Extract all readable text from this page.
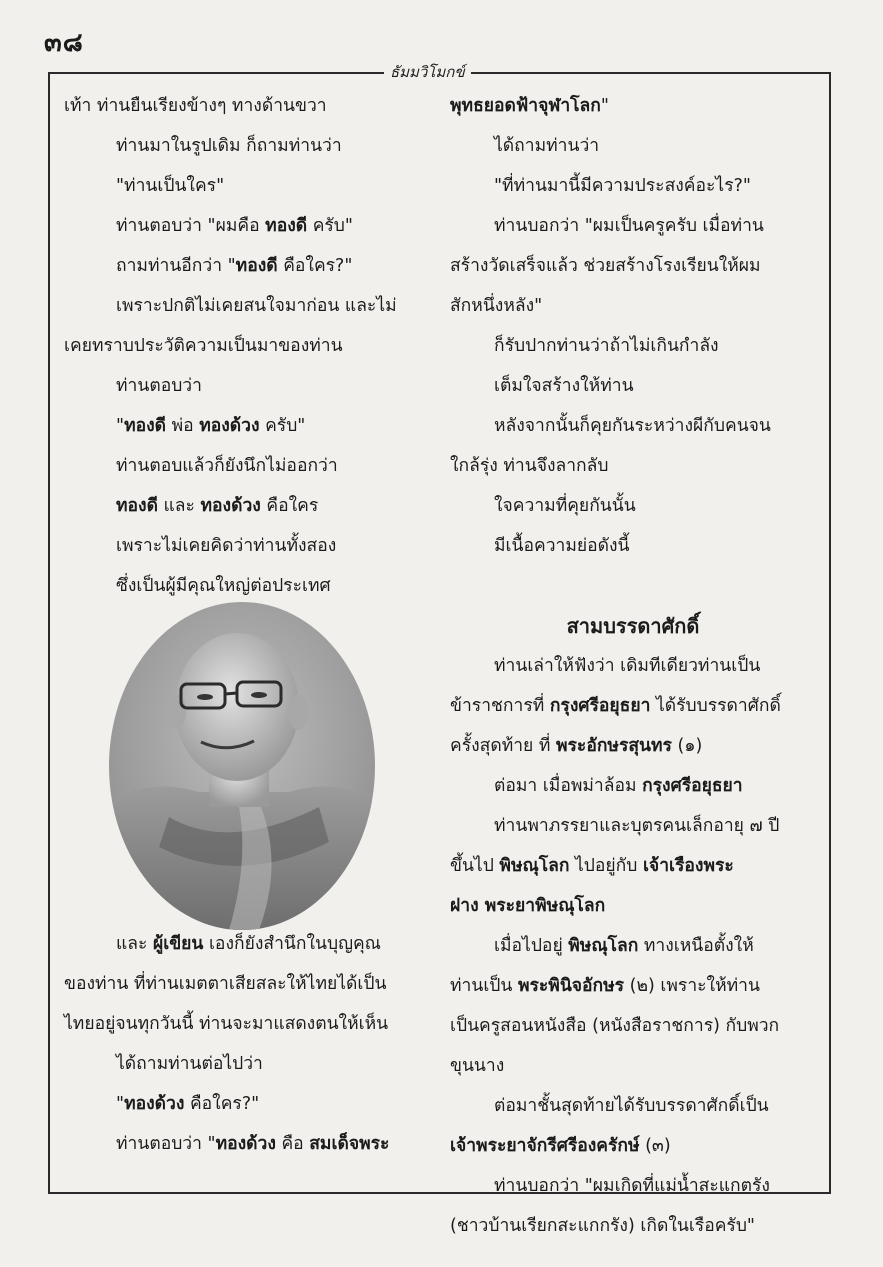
๓๘
ธัมมวิโมกข์
เท้า ท่านยืนเรียงข้างๆ ทางด้านขวา
ท่านมาในรูปเดิม ก็ถามท่านว่า
"ท่านเป็นใคร"
ท่านตอบว่า "ผมคือ ทองดี ครับ"
ถามท่านอีกว่า "ทองดี คือใคร?"
เพราะปกติไม่เคยสนใจมาก่อน และไม่
เคยทราบประวัติความเป็นมาของท่าน
ท่านตอบว่า
"ทองดี พ่อ ทองด้วง ครับ"
ท่านตอบแล้วก็ยังนึกไม่ออกว่า
ทองดี และ ทองด้วง คือใคร
เพราะไม่เคยคิดว่าท่านทั้งสอง
ซึ่งเป็นผู้มีคุณใหญ่ต่อประเทศ
และ ผู้เขียน เองก็ยังสำนึกในบุญคุณ
ของท่าน ที่ท่านเมตตาเสียสละให้ไทยได้เป็น
ไทยอยู่จนทุกวันนี้ ท่านจะมาแสดงตนให้เห็น
ได้ถามท่านต่อไปว่า
"ทองด้วง คือใคร?"
ท่านตอบว่า "ทองด้วง คือ สมเด็จพระ
พุทธยอดฟ้าจุฬาโลก"
ได้ถามท่านว่า
"ที่ท่านมานี้มีความประสงค์อะไร?"
ท่านบอกว่า "ผมเป็นครูครับ เมื่อท่าน
สร้างวัดเสร็จแล้ว ช่วยสร้างโรงเรียนให้ผม
สักหนึ่งหลัง"
ก็รับปากท่านว่าถ้าไม่เกินกำลัง
เต็มใจสร้างให้ท่าน
หลังจากนั้นก็คุยกันระหว่างผีกับคนจน
ใกล้รุ่ง ท่านจึงลากลับ
ใจความที่คุยกันนั้น
มีเนื้อความย่อดังนี้
สามบรรดาศักดิ์
ท่านเล่าให้ฟังว่า เดิมทีเดียวท่านเป็น
ข้าราชการที่ กรุงศรีอยุธยา ได้รับบรรดาศักดิ์
ครั้งสุดท้าย ที่ พระอักษรสุนทร (๑)
ต่อมา เมื่อพม่าล้อม กรุงศรีอยุธยา
ท่านพาภรรยาและบุตรคนเล็กอายุ ๗ ปี
ขึ้นไป พิษณุโลก ไปอยู่กับ เจ้าเรืองพระ
ฝาง พระยาพิษณุโลก
เมื่อไปอยู่ พิษณุโลก ทางเหนือตั้งให้
ท่านเป็น พระพินิจอักษร (๒) เพราะให้ท่าน
เป็นครูสอนหนังสือ (หนังสือราชการ) กับพวก
ขุนนาง
ต่อมาชั้นสุดท้ายได้รับบรรดาศักดิ์เป็น
เจ้าพระยาจักรีศรีองครักษ์ (๓)
ท่านบอกว่า "ผมเกิดที่แม่น้ำสะแกตรัง
(ชาวบ้านเรียกสะแกกรัง) เกิดในเรือครับ"
